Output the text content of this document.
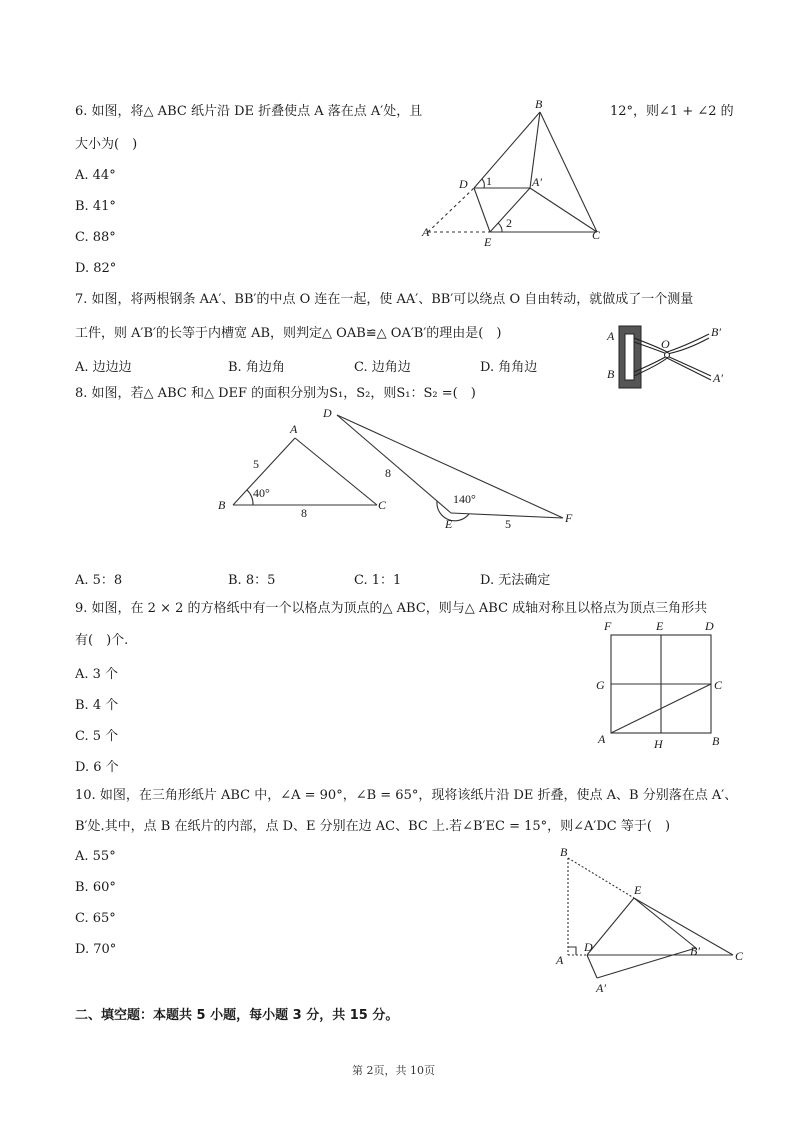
6. 如图，将△ ABC 纸片沿 DE 折叠使点 A 落在点 A′处，且	12°，则∠1 + ∠2 的
大小为(　)
A. 44°
B. 41°
C. 88°
D. 82°
B
D 1	A′
2
A
E	C
7. 如图，将两根钢条 AA′、BB′的中点 O 连在一起，使 AA′、BB′可以绕点 O 自由转动，就做成了一个测量
工件，则 A′B′的长等于内槽宽 AB，则判定△ OAB≌△ OA′B′的理由是(　)
A. 边边边	B. 角边角	C. 边角边	D. 角角边
A
B
O
B′
A′
8. 如图，若△ ABC 和△ DEF 的面积分别为S₁，S₂，则S₁：S₂ =(　)
A
B	C
5
40°
8
D
8
140°
E	5	F
A. 5：8	B. 8：5	C. 1：1	D. 无法确定
9. 如图，在 2 × 2 的方格纸中有一个以格点为顶点的△ ABC，则与△ ABC 成轴对称且以格点为顶点三角形共
有(　)个.
A. 3 个
B. 4 个
C. 5 个
D. 6 个
F	E	D
G	C
A	H	B
10. 如图，在三角形纸片 ABC 中，∠A = 90°，∠B = 65°，现将该纸片沿 DE 折叠，使点 A、B 分别落在点 A′、
B′处.其中，点 B 在纸片的内部，点 D、E 分别在边 AC、BC 上.若∠B′EC = 15°，则∠A′DC 等于(　)
A. 55°
B. 60°
C. 65°
D. 70°
B
E
D	B′	C
A
A′
二、填空题：本题共 5 小题，每小题 3 分，共 15 分。
第 2页，共 10页
